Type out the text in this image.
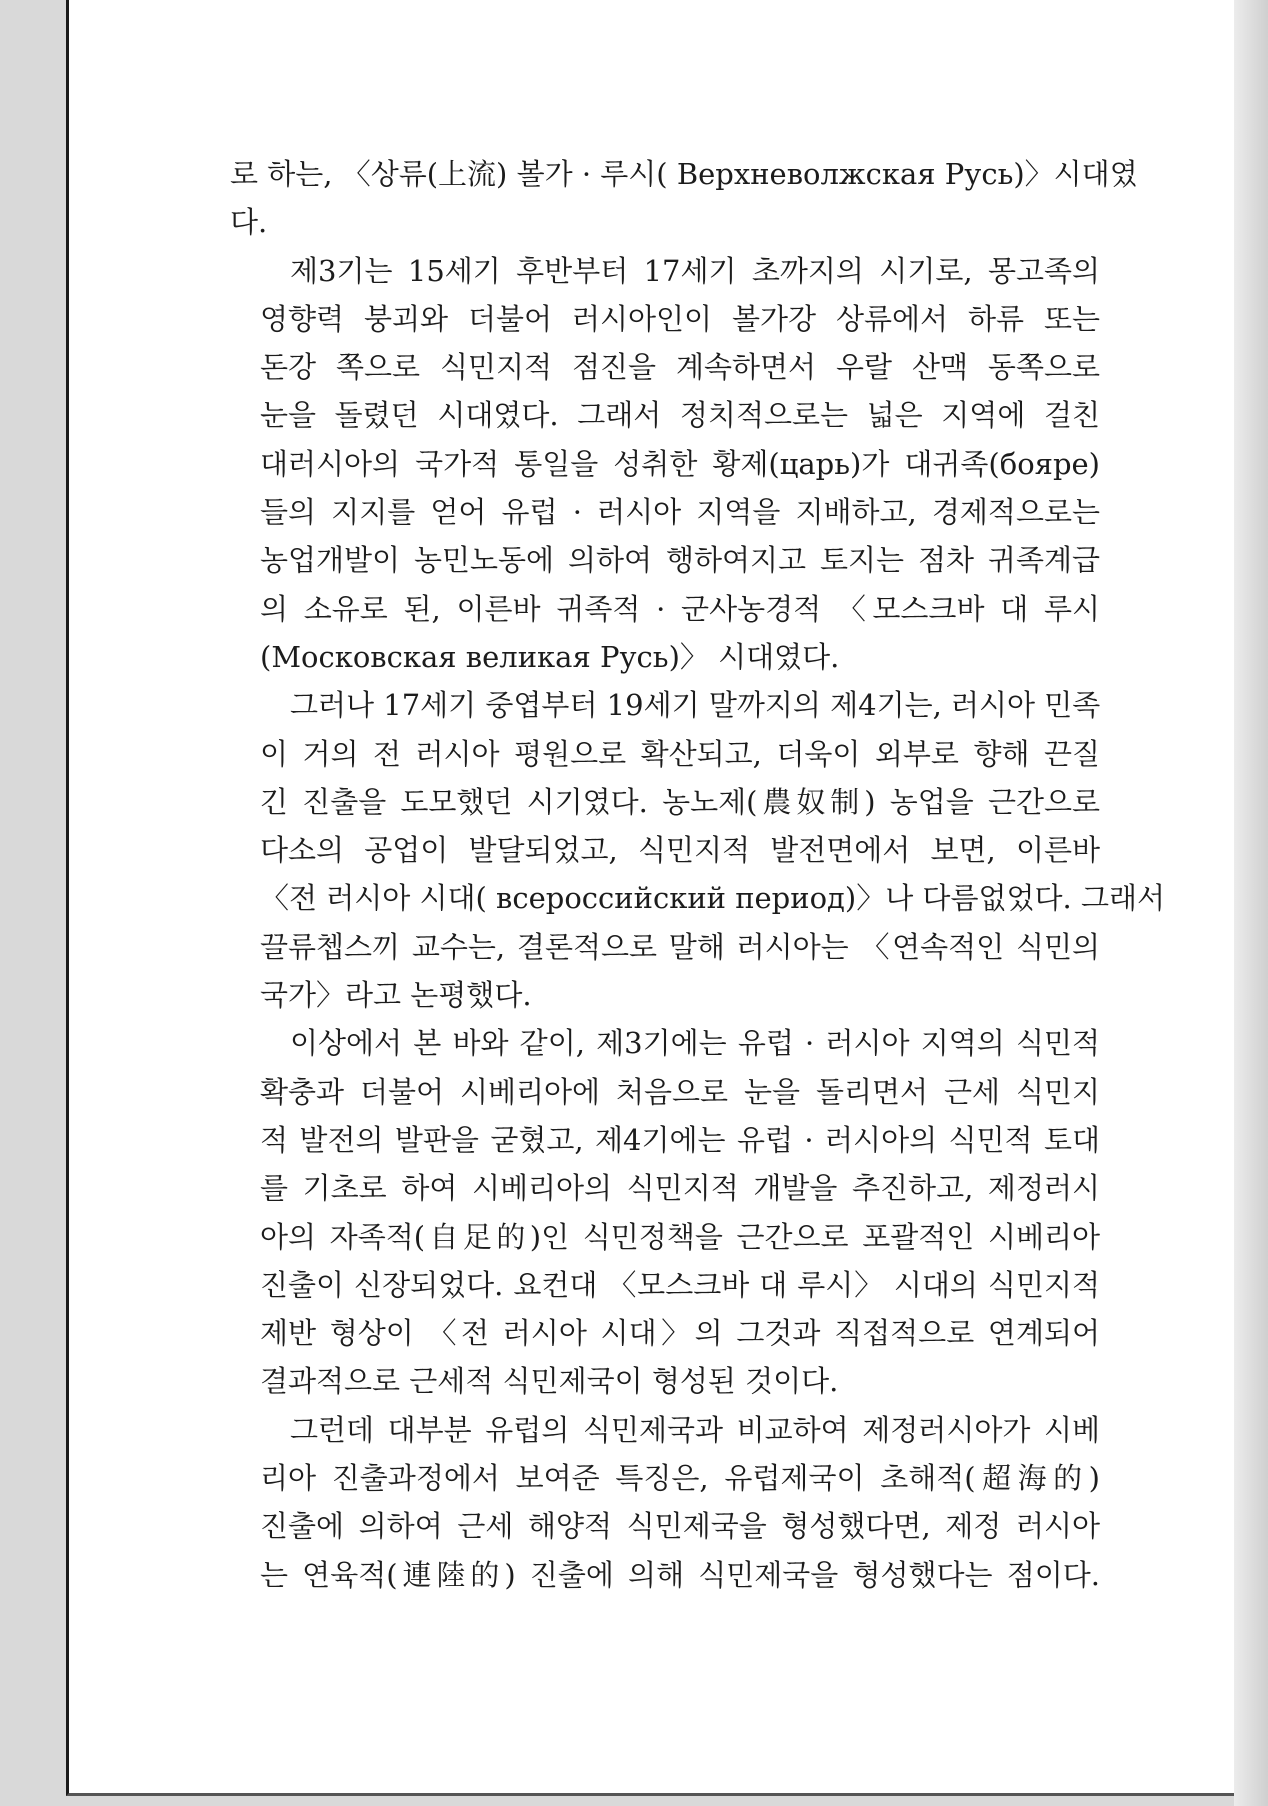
로 하는, 〈상류(上流) 볼가 · 루시( Верхневолжская Русь)〉시대였
다.
제3기는 15세기 후반부터 17세기 초까지의 시기로, 몽고족의
영향력 붕괴와 더불어 러시아인이 볼가강 상류에서 하류 또는
돈강 쪽으로 식민지적 점진을 계속하면서 우랄 산맥 동쪽으로
눈을 돌렸던 시대였다. 그래서 정치적으로는 넓은 지역에 걸친
대러시아의 국가적 통일을 성취한 황제(царь)가 대귀족(бояре)
들의 지지를 얻어 유럽 · 러시아 지역을 지배하고, 경제적으로는
농업개발이 농민노동에 의하여 행하여지고 토지는 점차 귀족계급
의 소유로 된, 이른바 귀족적 · 군사농경적 〈모스크바 대 루시
(Московская великая Русь)〉 시대였다.
그러나 17세기 중엽부터 19세기 말까지의 제4기는, 러시아 민족
이 거의 전 러시아 평원으로 확산되고, 더욱이 외부로 향해 끈질
긴 진출을 도모했던 시기였다. 농노제(農奴制) 농업을 근간으로
다소의 공업이 발달되었고, 식민지적 발전면에서 보면, 이른바
〈전 러시아 시대( всероссийский период)〉나 다름없었다. 그래서
끌류쳅스끼 교수는, 결론적으로 말해 러시아는 〈연속적인 식민의
국가〉라고 논평했다.
이상에서 본 바와 같이, 제3기에는 유럽 · 러시아 지역의 식민적
확충과 더불어 시베리아에 처음으로 눈을 돌리면서 근세 식민지
적 발전의 발판을 굳혔고, 제4기에는 유럽 · 러시아의 식민적 토대
를 기초로 하여 시베리아의 식민지적 개발을 추진하고, 제정러시
아의 자족적(自足的)인 식민정책을 근간으로 포괄적인 시베리아
진출이 신장되었다. 요컨대 〈모스크바 대 루시〉 시대의 식민지적
제반 형상이 〈전 러시아 시대〉의 그것과 직접적으로 연계되어
결과적으로 근세적 식민제국이 형성된 것이다.
그런데 대부분 유럽의 식민제국과 비교하여 제정러시아가 시베
리아 진출과정에서 보여준 특징은, 유럽제국이 초해적(超海的)
진출에 의하여 근세 해양적 식민제국을 형성했다면, 제정 러시아
는 연육적(連陸的) 진출에 의해 식민제국을 형성했다는 점이다.
